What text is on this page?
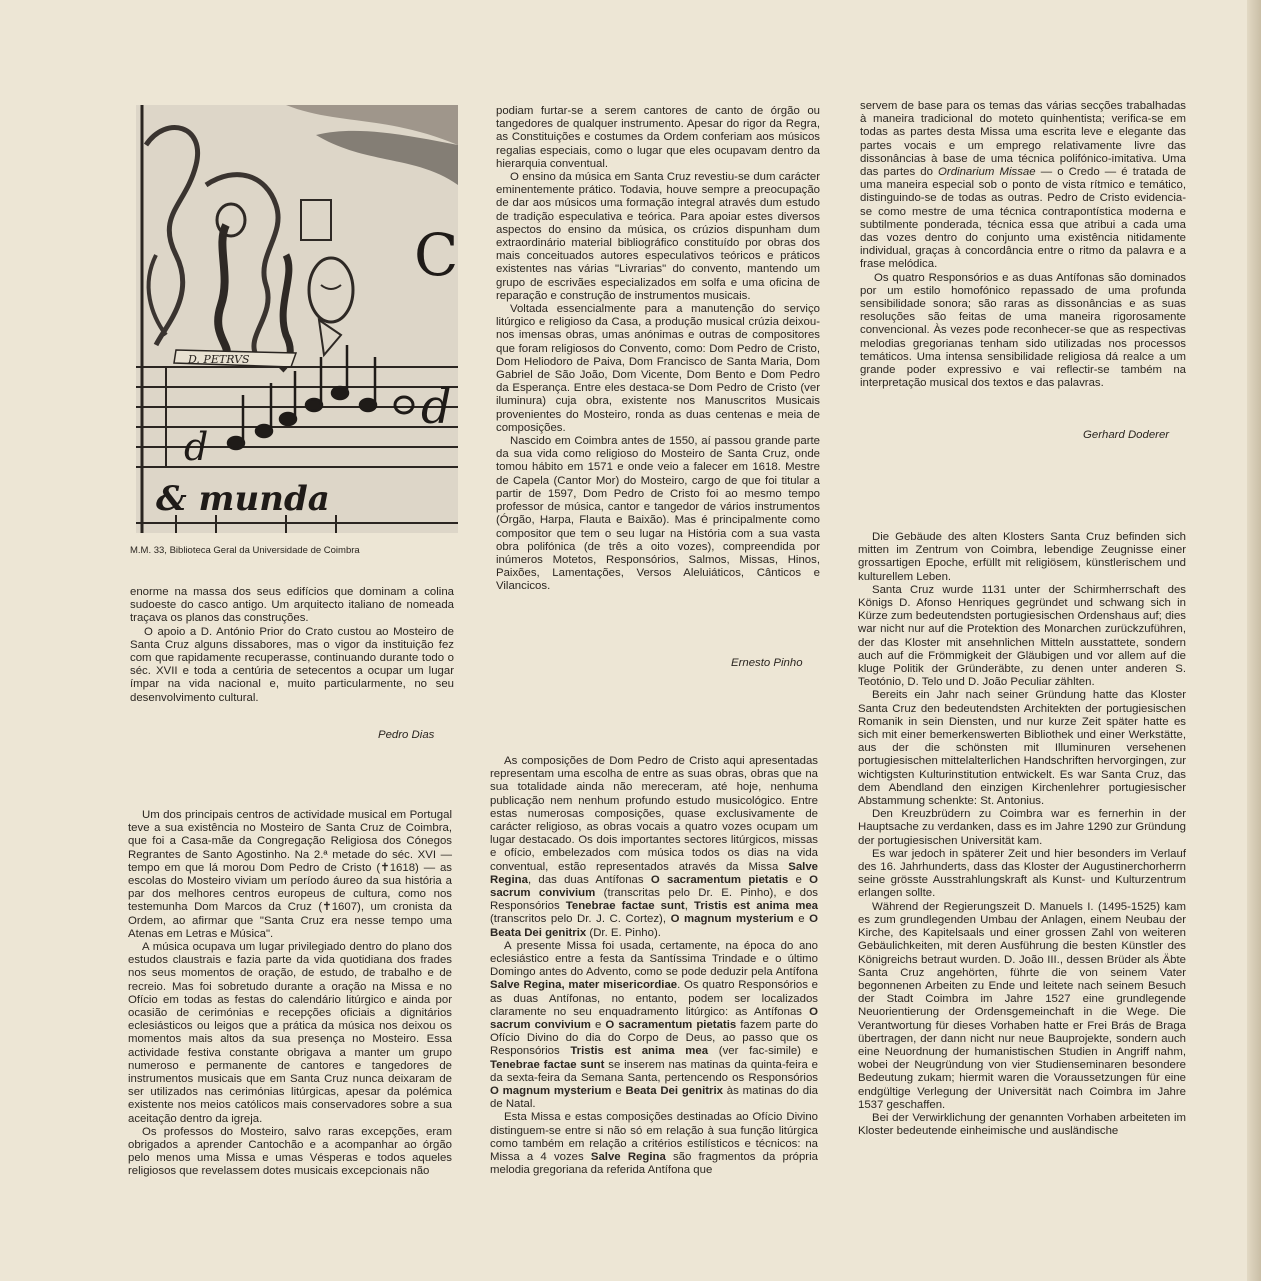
C
D. PETRVS
d
d
& munda
M.M. 33, Biblioteca Geral da Universidade de Coimbra

enorme na massa dos seus edifícios que dominam a colina sudoeste do casco antigo. Um arquitecto italiano de nomeada traçava os planos das construções.

O apoio a D. António Prior do Crato custou ao Mosteiro de Santa Cruz alguns dissabores, mas o vigor da instituição fez com que rapidamente recuperasse, continuando durante todo o séc. XVII e toda a centúria de setecentos a ocupar um lugar ímpar na vida nacional e, muito particularmente, no seu desenvolvimento cultural.

Pedro Dias

Um dos principais centros de actividade musical em Portugal teve a sua existência no Mosteiro de Santa Cruz de Coimbra, que foi a Casa-mãe da Congregação Religiosa dos Cónegos Regrantes de Santo Agostinho. Na 2.ª metade do séc. XVI — tempo em que lá morou Dom Pedro de Cristo (✝1618) — as escolas do Mosteiro viviam um período áureo da sua história a par dos melhores centros europeus de cultura, como nos testemunha Dom Marcos da Cruz (✝1607), um cronista da Ordem, ao afirmar que "Santa Cruz era nesse tempo uma Atenas em Letras e Música".

A música ocupava um lugar privilegiado dentro do plano dos estudos claustrais e fazia parte da vida quotidiana dos frades nos seus momentos de oração, de estudo, de trabalho e de recreio. Mas foi sobretudo durante a oração na Missa e no Ofício em todas as festas do calendário litúrgico e ainda por ocasião de cerimónias e recepções oficiais a dignitários eclesiásticos ou leigos que a prática da música nos deixou os momentos mais altos da sua presença no Mosteiro. Essa actividade festiva constante obrigava a manter um grupo numeroso e permanente de cantores e tangedores de instrumentos musicais que em Santa Cruz nunca deixaram de ser utilizados nas cerimónias litúrgicas, apesar da polémica existente nos meios católicos mais conservadores sobre a sua aceitação dentro da igreja.

Os professos do Mosteiro, salvo raras excepções, eram obrigados a aprender Cantochão e a acompanhar ao órgão pelo menos uma Missa e umas Vésperas e todos aqueles religiosos que revelassem dotes musicais excepcionais não

podiam furtar-se a serem cantores de canto de órgão ou tangedores de qualquer instrumento. Apesar do rigor da Regra, as Constituições e costumes da Ordem conferiam aos músicos regalias especiais, como o lugar que eles ocupavam dentro da hierarquia conventual.

O ensino da música em Santa Cruz revestiu-se dum carácter eminentemente prático. Todavia, houve sempre a preocupação de dar aos músicos uma formação integral através dum estudo de tradição especulativa e teórica. Para apoiar estes diversos aspectos do ensino da música, os crúzios dispunham dum extraordinário material bibliográfico constituído por obras dos mais conceituados autores especulativos teóricos e práticos existentes nas várias "Livrarias" do convento, mantendo um grupo de escrivães especializados em solfa e uma oficina de reparação e construção de instrumentos musicais.

Voltada essencialmente para a manutenção do serviço litúrgico e religioso da Casa, a produção musical crúzia deixou-nos imensas obras, umas anónimas e outras de compositores que foram religiosos do Convento, como: Dom Pedro de Cristo, Dom Heliodoro de Paiva, Dom Francisco de Santa Maria, Dom Gabriel de São João, Dom Vicente, Dom Bento e Dom Pedro da Esperança. Entre eles destaca-se Dom Pedro de Cristo (ver iluminura) cuja obra, existente nos Manuscritos Musicais provenientes do Mosteiro, ronda as duas centenas e meia de composições.

Nascido em Coimbra antes de 1550, aí passou grande parte da sua vida como religioso do Mosteiro de Santa Cruz, onde tomou hábito em 1571 e onde veio a falecer em 1618. Mestre de Capela (Cantor Mor) do Mosteiro, cargo de que foi titular a partir de 1597, Dom Pedro de Cristo foi ao mesmo tempo professor de música, cantor e tangedor de vários instrumentos (Órgão, Harpa, Flauta e Baixão). Mas é principalmente como compositor que tem o seu lugar na História com a sua vasta obra polifónica (de três a oito vozes), compreendida por inúmeros Motetos, Responsórios, Salmos, Missas, Hinos, Paixões, Lamentações, Versos Aleluiáticos, Cânticos e Vilancicos.

Ernesto Pinho

As composições de Dom Pedro de Cristo aqui apresentadas representam uma escolha de entre as suas obras, obras que na sua totalidade ainda não mereceram, até hoje, nenhuma publicação nem nenhum profundo estudo musicológico. Entre estas numerosas composições, quase exclusivamente de carácter religioso, as obras vocais a quatro vozes ocupam um lugar destacado. Os dois importantes sectores litúrgicos, missas e ofício, embelezados com música todos os dias na vida conventual, estão representados através da Missa Salve Regina, das duas Antífonas O sacramentum pietatis e O sacrum convivium (transcritas pelo Dr. E. Pinho), e dos Responsórios Tenebrae factae sunt, Tristis est anima mea (transcritos pelo Dr. J. C. Cortez), O magnum mysterium e O Beata Dei genitrix (Dr. E. Pinho).

A presente Missa foi usada, certamente, na época do ano eclesiástico entre a festa da Santíssima Trindade e o último Domingo antes do Advento, como se pode deduzir pela Antífona Salve Regina, mater misericordiae. Os quatro Responsórios e as duas Antífonas, no entanto, podem ser localizados claramente no seu enquadramento litúrgico: as Antífonas O sacrum convivium e O sacramentum pietatis fazem parte do Ofício Divino do dia do Corpo de Deus, ao passo que os Responsórios Tristis est anima mea (ver fac-simile) e Tenebrae factae sunt se inserem nas matinas da quinta-feira e da sexta-feira da Semana Santa, pertencendo os Responsórios O magnum mysterium e Beata Dei genitrix às matinas do dia de Natal.

Esta Missa e estas composições destinadas ao Ofício Divino distinguem-se entre si não só em relação à sua função litúrgica como também em relação a critérios estilísticos e técnicos: na Missa a 4 vozes Salve Regina são fragmentos da própria melodia gregoriana da referida Antífona que

servem de base para os temas das várias secções trabalhadas à maneira tradicional do moteto quinhentista; verifica-se em todas as partes desta Missa uma escrita leve e elegante das partes vocais e um emprego relativamente livre das dissonâncias à base de uma técnica polifónico-imitativa. Uma das partes do Ordinarium Missae — o Credo — é tratada de uma maneira especial sob o ponto de vista rítmico e temático, distinguindo-se de todas as outras. Pedro de Cristo evidencia-se como mestre de uma técnica contrapontística moderna e subtilmente ponderada, técnica essa que atribui a cada uma das vozes dentro do conjunto uma existência nitidamente individual, graças à concordância entre o ritmo da palavra e a frase melódica.

Os quatro Responsórios e as duas Antífonas são dominados por um estilo homofónico repassado de uma profunda sensibilidade sonora; são raras as dissonâncias e as suas resoluções são feitas de uma maneira rigorosamente convencional. Às vezes pode reconhecer-se que as respectivas melodias gregorianas tenham sido utilizadas nos processos temáticos. Uma intensa sensibilidade religiosa dá realce a um grande poder expressivo e vai reflectir-se também na interpretação musical dos textos e das palavras.

Gerhard Doderer

Die Gebäude des alten Klosters Santa Cruz befinden sich mitten im Zentrum von Coimbra, lebendige Zeugnisse einer grossartigen Epoche, erfüllt mit religiösem, künstlerischem und kulturellem Leben.

Santa Cruz wurde 1131 unter der Schirmherrschaft des Königs D. Afonso Henriques gegründet und schwang sich in Kürze zum bedeutendsten portugiesischen Ordenshaus auf; dies war nicht nur auf die Protektion des Monarchen zurückzuführen, der das Kloster mit ansehnlichen Mitteln ausstattete, sondern auch auf die Frömmigkeit der Gläubigen und vor allem auf die kluge Politik der Gründeräbte, zu denen unter anderen S. Teotónio, D. Telo und D. João Peculiar zählten.

Bereits ein Jahr nach seiner Gründung hatte das Kloster Santa Cruz den bedeutendsten Architekten der portugiesischen Romanik in sein Diensten, und nur kurze Zeit später hatte es sich mit einer bemerkenswerten Bibliothek und einer Werkstätte, aus der die schönsten mit Illuminuren versehenen portugiesischen mittelalterlichen Handschriften hervorgingen, zur wichtigsten Kulturinstitution entwickelt. Es war Santa Cruz, das dem Abendland den einzigen Kirchenlehrer portugiesischer Abstammung schenkte: St. Antonius.

Den Kreuzbrüdern zu Coimbra war es fernerhin in der Hauptsache zu verdanken, dass es im Jahre 1290 zur Gründung der portugiesischen Universität kam.

Es war jedoch in späterer Zeit und hier besonders im Verlauf des 16. Jahrhunderts, dass das Kloster der Augustinerchorherrn seine grösste Ausstrahlungskraft als Kunst- und Kulturzentrum erlangen sollte.

Während der Regierungszeit D. Manuels I. (1495-1525) kam es zum grundlegenden Umbau der Anlagen, einem Neubau der Kirche, des Kapitelsaals und einer grossen Zahl von weiteren Gebäulichkeiten, mit deren Ausführung die besten Künstler des Königreichs betraut wurden. D. João III., dessen Brüder als Äbte Santa Cruz angehörten, führte die von seinem Vater begonnenen Arbeiten zu Ende und leitete nach seinem Besuch der Stadt Coimbra im Jahre 1527 eine grundlegende Neuorientierung der Ordensgemeinchaft in die Wege. Die Verantwortung für dieses Vorhaben hatte er Frei Brás de Braga übertragen, der dann nicht nur neue Bauprojekte, sondern auch eine Neuordnung der humanistischen Studien in Angriff nahm, wobei der Neugründung von vier Studienseminaren besondere Bedeutung zukam; hiermit waren die Voraussetzungen für eine endgültige Verlegung der Universität nach Coimbra im Jahre 1537 geschaffen.

Bei der Verwirklichung der genannten Vorhaben arbeiteten im Kloster bedeutende einheimische und ausländische
